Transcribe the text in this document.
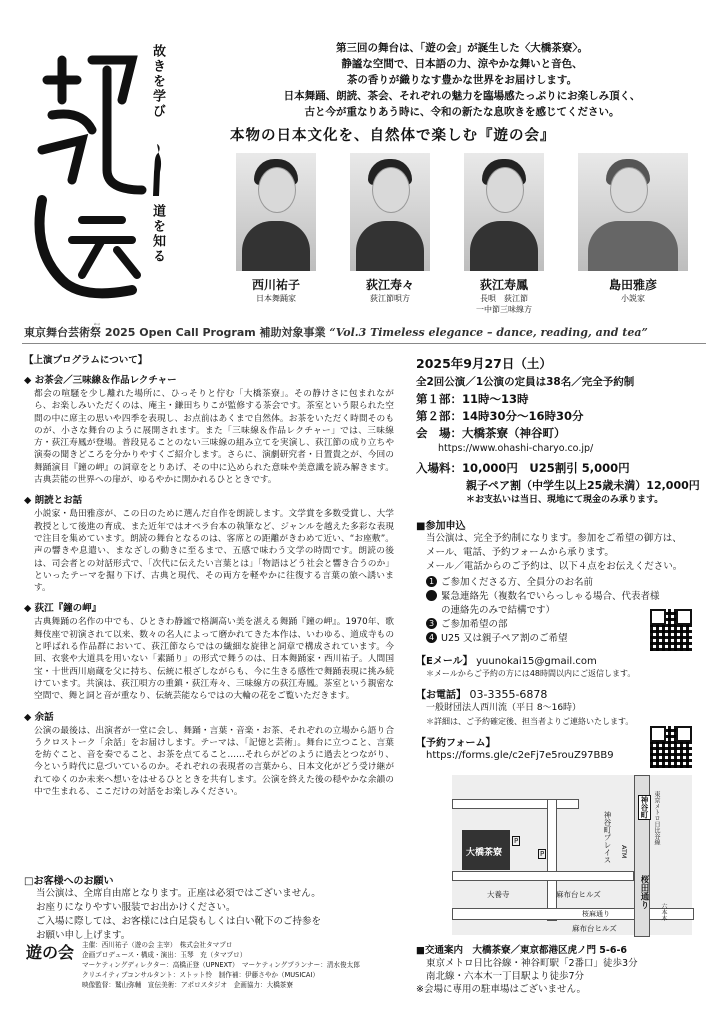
遊の会
故きを学び
道を知る
第三回の舞台は、「遊の会」が誕生した〈大橋茶寮〉。
静謐な空間で、日本語の力、涼やかな舞いと音色、
茶の香りが織りなす豊かな世界をお届けします。
日本舞踊、朗読、茶会、それぞれの魅力を臨場感たっぷりにお楽しみ頂く、
古と今が重なりあう時に、令和の新たな息吹きを感じてください。
本物の日本文化を、自然体で楽しむ『遊の会』
西川祐子
日本舞踊家
荻江寿々
荻江節唄方
荻江寿鳳
長唄　荻江節
一中節三味線方
島田雅彦
小説家
東京舞台芸術祭 2025 Open Call Program 補助対象事業 “Vol.3 Timeless elegance – dance, reading, and tea”
【上演プログラムについて】
◆ お茶会／三味線＆作品レクチャー
都会の喧騒を少し離れた場所に、ひっそりと佇む「大橋茶寮」。その静けさに包まれながら、お楽しみいただくのは、庵主・鎌田ちりこが監修する茶会です。茶室という限られた空間の中に席主の思いや四季を表現し、お点前はあくまで自然体。お茶をいただく時間そのものが、小さな舞台のように展開されます。また「三味線＆作品レクチャー」では、三味線方・荻江寿鳳が登場。普段見ることのない三味線の組み立てを実演し、荻江節の成り立ちや演奏の聞きどころを分かりやすくご紹介します。さらに、演劇研究者・日置貴之が、今回の舞踊演目『鐘の岬』の詞章をとりあげ、その中に込められた意味や美意識を読み解きます。古典芸能の世界への扉が、ゆるやかに開かれるひとときです。
◆ 朗読とお話
小説家・島田雅彦が、この日のために選んだ自作を朗読します。文学賞を多数受賞し、大学教授として後進の育成、また近年ではオペラ台本の執筆など、ジャンルを越えた多彩な表現で注目を集めています。朗読の舞台となるのは、客席との距離がきわめて近い、“お座敷”。声の響きや息遣い、まなざしの動きに至るまで、五感で味わう文学の時間です。朗読の後は、司会者との対話形式で、「次代に伝えたい言葉とは」「物語はどう社会と響き合うのか」といったテーマを掘り下げ、古典と現代、その両方を軽やかに往復する言葉の旅へ誘います。
◆ 荻江『鐘の岬』
古典舞踊の名作の中でも、ひときわ静謐で格調高い美を湛える舞踊『鐘の岬』。1970年、歌舞伎座で初演されて以来、数々の名人によって磨かれてきた本作は、いわゆる、道成寺ものと呼ばれる作品群において、荻江節ならではの繊細な旋律と詞章で構成されています。今回、衣裳や大道具を用いない「素踊り」の形式で舞うのは、日本舞踊家・西川祐子。人間国宝・十世西川扇蔵を父に持ち、伝統に根ざしながらも、今に生きる感性で舞踊表現に挑み続けています。共演は、荻江唄方の重鎮・荻江寿々、三味線方の荻江寿鳳。茶室という親密な空間で、舞と詞と音が重なり、伝統芸能ならではの大輪の花をご覧いただきます。
◆ 余話
公演の最後は、出演者が一堂に会し、舞踊・言葉・音楽・お茶、それぞれの立場から語り合うクロストーク「余話」をお届けします。テーマは、「記憶と芸術」。舞台に立つこと、言葉を紡ぐこと、音を奏でること、お茶を点てること……それらがどのように過去とつながり、今という時代に息づいているのか。それぞれの表現者の言葉から、日本文化がどう受け継がれてゆくのか未来へ想いをはせるひとときを共有します。公演を終えた後の穏やかな余韻の中で生まれる、ここだけの対話をお楽しみください。
□お客様へのお願い
当公演は、全席自由席となります。正座は必須ではございません。
お座りになりやすい服装でお出かけください。
ご入場に際しては、お客様には白足袋もしくは白い靴下のご持参を
お願い申し上げます。
遊の会 主催：西川祐子（遊の会 主宰）　株式会社タマプロ
企画プロデュース・構成・演出：玉琴　充（タマプロ）
マーケティングディレクター：高橋正登（UPNEXT）　マーケティングプランナー：清水俊太郎
クリエイティブコンサルタント：ストット怜　制作補：伊藤さやか（MUSICAI）
映像監督：鷲山弥輔　宣伝美術：アポロスタジオ　企画協力：大橋茶寮
2025年9月27日（土）
全2回公演／1公演の定員は38名／完全予約制
第１部：11時～13時
第２部：14時30分～16時30分
会　場：大橋茶寮（神谷町）
https://www.ohashi-charyo.co.jp/
入場料：10,000円　U25割引 5,000円
親子ペア割（中学生以上25歳未満）12,000円
＊お支払いは当日、現地にて現金のみ承ります。
■参加申込
当公演は、完全予約制になります。参加をご希望の御方は、
メール、電話、予約フォームから承ります。
メール／電話からのご予約は、以下４点をお伝えください。
1 ご参加くださる方、全員分のお名前
2 緊急連絡先（複数名でいらっしゃる場合、代表者様の連絡先のみで結構です）
3 ご参加希望の部
4 U25 又は親子ペア割のご希望
【Eメール】 yuunokai15@gmail.com
＊メールからご予約の方には48時間以内にご返信します。
【お電話】 03-3355-6878
一般財団法人西川流（平日 8～16時）
＊詳細は、ご予約確定後、担当者よりご連絡いたします。
【予約フォーム】
https://forms.gle/c2eFj7e5rouZ97BB9
大橋茶寮
P
P	神谷町プレイス ATM
大養寺	麻布台ヒルズ
麻布台ヒルズ
神谷町 東京メトロ日比谷線
桜田通り
桜麻通り	六本木
■交通案内　大橋茶寮／東京都港区虎ノ門 5-6-6
東京メトロ日比谷線・神谷町駅「2番口」徒歩3分
南北線・六本木一丁目駅より徒歩7分
※会場に専用の駐車場はございません。
